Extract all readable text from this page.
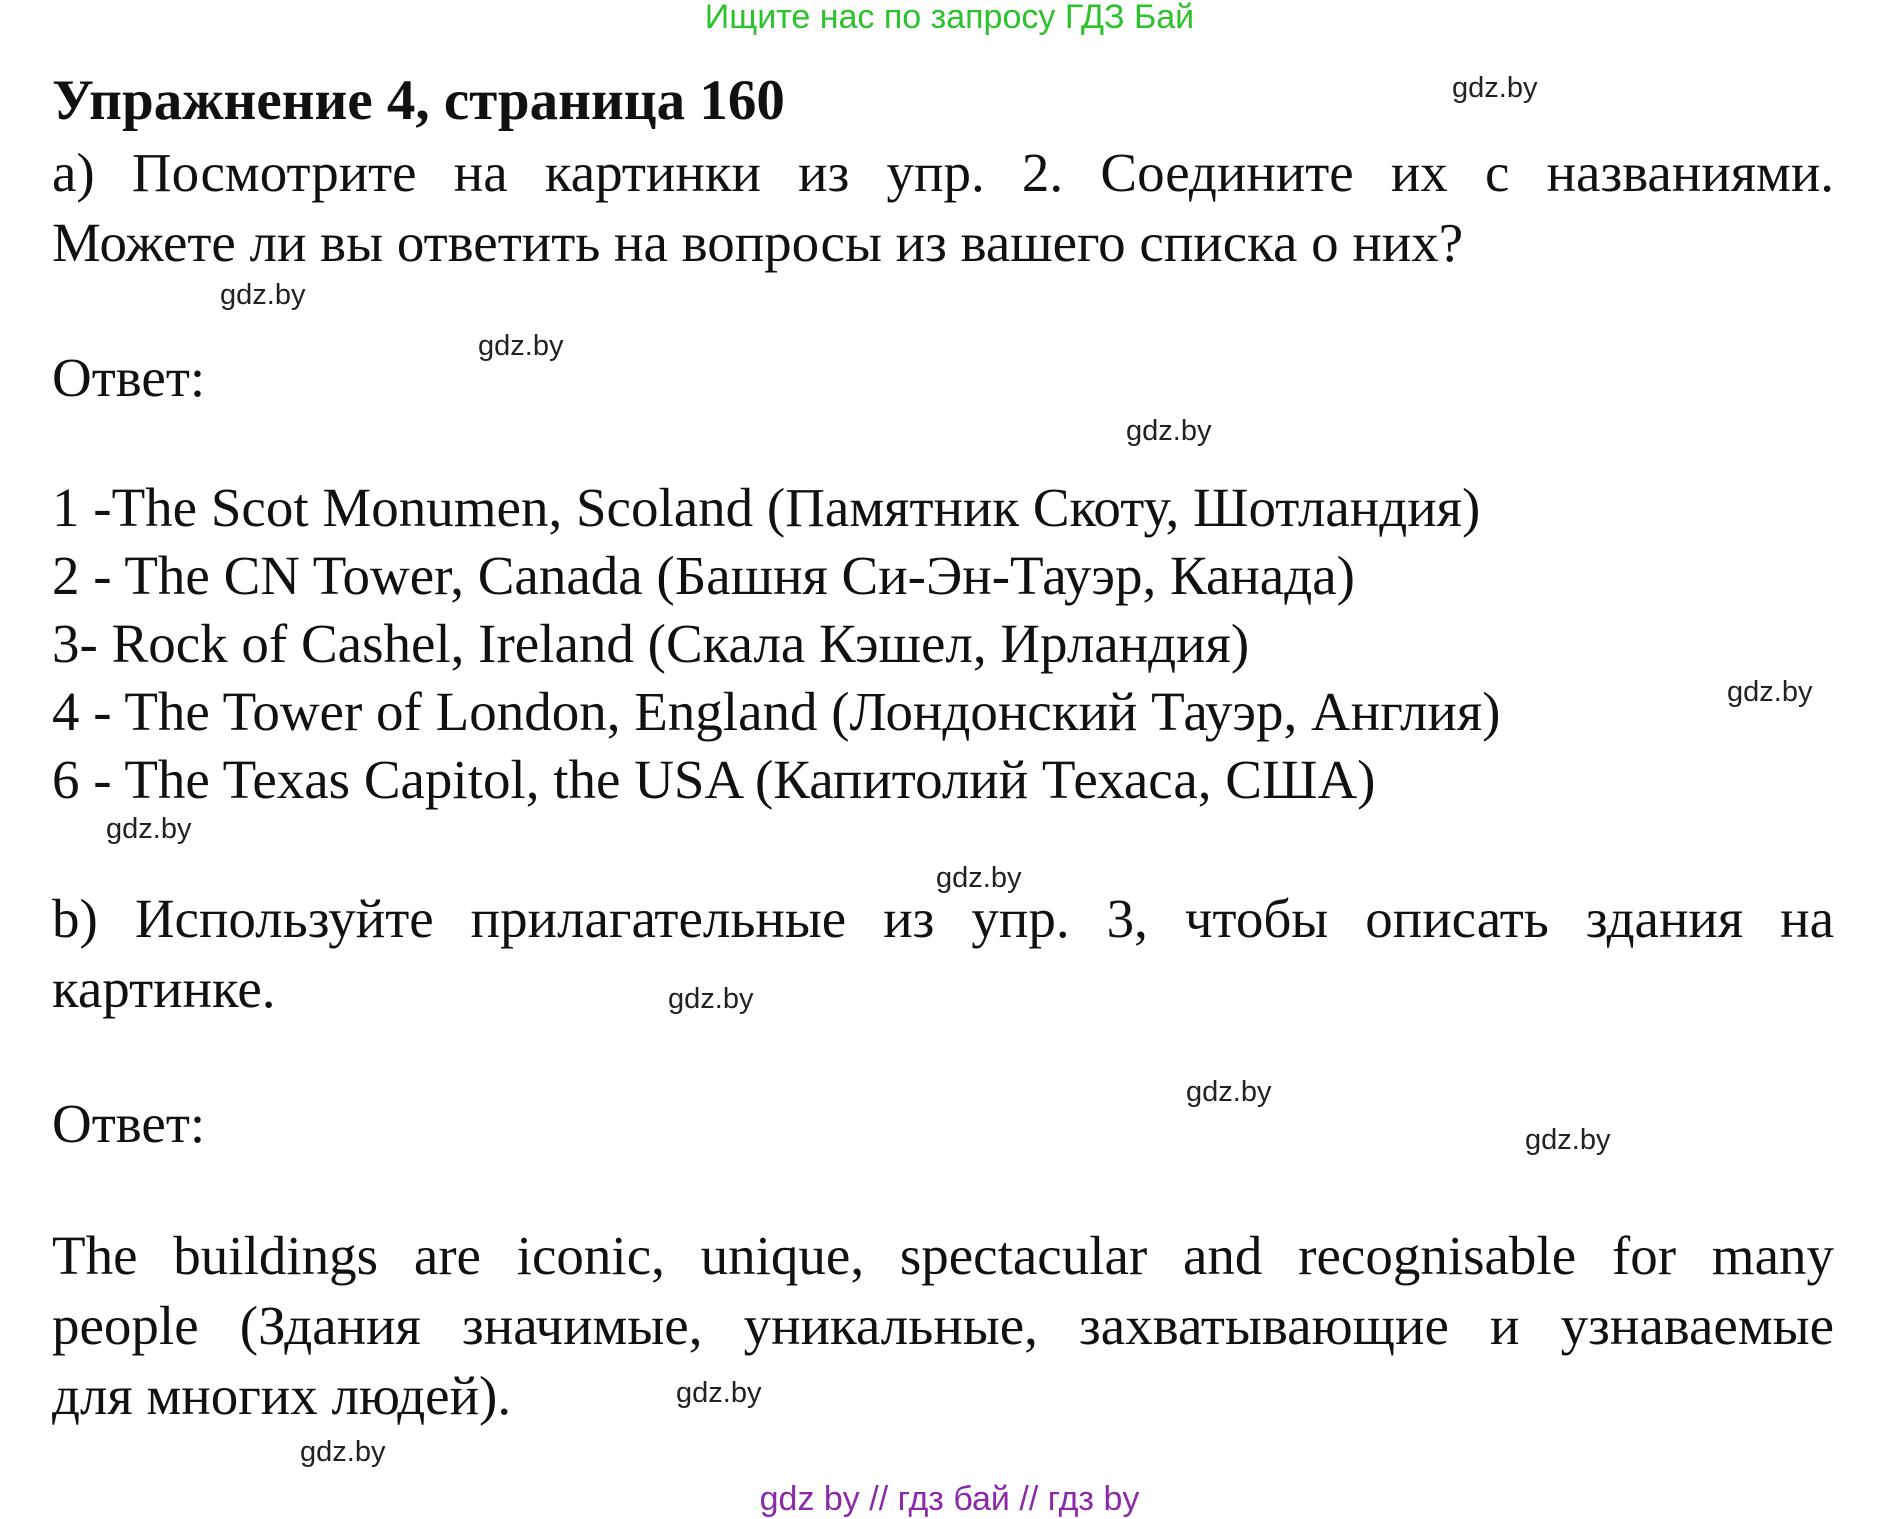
Ищите нас по запросу ГДЗ Бай
Упражнение 4, страница 160
а) Посмотрите на картинки из упр. 2. Соедините их с названиями.
Можете ли вы ответить на вопросы из вашего списка о них?
Ответ:
1 -The Scot Monumen, Scoland (Памятник Скоту, Шотландия)
2 - The CN Tower, Canada (Башня Си-Эн-Тауэр, Канада)
3- Rock of Cashel, Ireland (Скала Кэшел, Ирландия)
4 - The Tower of London, England (Лондонский Тауэр, Англия)
6 - The Texas Capitol, the USA (Капитолий Техаса, США)
b) Используйте прилагательные из упр. 3, чтобы описать здания на
картинке.
Ответ:
The buildings are iconic, unique, spectacular and recognisable for many
people (Здания значимые, уникальные, захватывающие и узнаваемые
для многих людей).
gdz.by
gdz.by
gdz.by
gdz.by
gdz.by
gdz.by
gdz.by
gdz.by
gdz.by
gdz.by
gdz.by
gdz.by
gdz by // гдз бай // гдз by
